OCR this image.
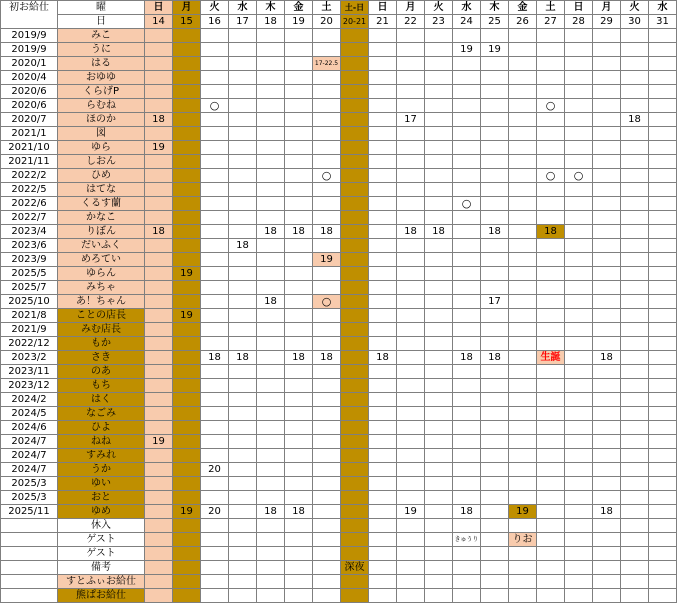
初お給仕	曜	日	月	火	水	木	金	土	土-日	日	月	火	水	木	金	土	日	月	火	水
	日	14	15	16	17	18	19	20	20-21	21	22	23	24	25	26	27	28	29	30	31
2019/9	みこ																			
2019/9	うに												19	19						
2020/1	はる							17-22.5												
2020/4	おゆゆ																			
2020/6	くらげP																			
2020/6	らむね			○												○				
2020/7	ほのか	18									17								18	
2021/1	図																			
2021/10	ゆら	19																		
2021/11	しおん																			
2022/2	ひめ							○								○	○			
2022/5	はてな																			
2022/6	くるす蘭												○							
2022/7	かなこ																			
2023/4	りぼん	18				18	18	18			18	18		18		18				
2023/6	だいふく				18															
2023/9	めろてい							19												
2025/5	ゆらん		19																	
2025/7	みちゃ																			
2025/10	あ！ちゃん					18		○						17						
2021/8	ことの店長		19																	
2021/9	みむ店長																			
2022/12	もか																			
2023/2	さき			18	18		18	18		18			18	18		生誕		18		
2023/11	のあ																			
2023/12	もち																			
2024/2	はく																			
2024/5	なごみ																			
2024/6	ひよ																			
2024/7	ねね	19																		
2024/7	すみれ																			
2024/7	うか			20																
2025/3	ゆい																			
2025/3	おと																			
2025/11	ゆめ		19	20		18	18				19		18		19			18		
	休入																			
	ゲスト												きゅうり		りお					
	ゲスト																			
	備考								深夜											
	すとふぃお給仕																			
	熊ぱお給仕																			
